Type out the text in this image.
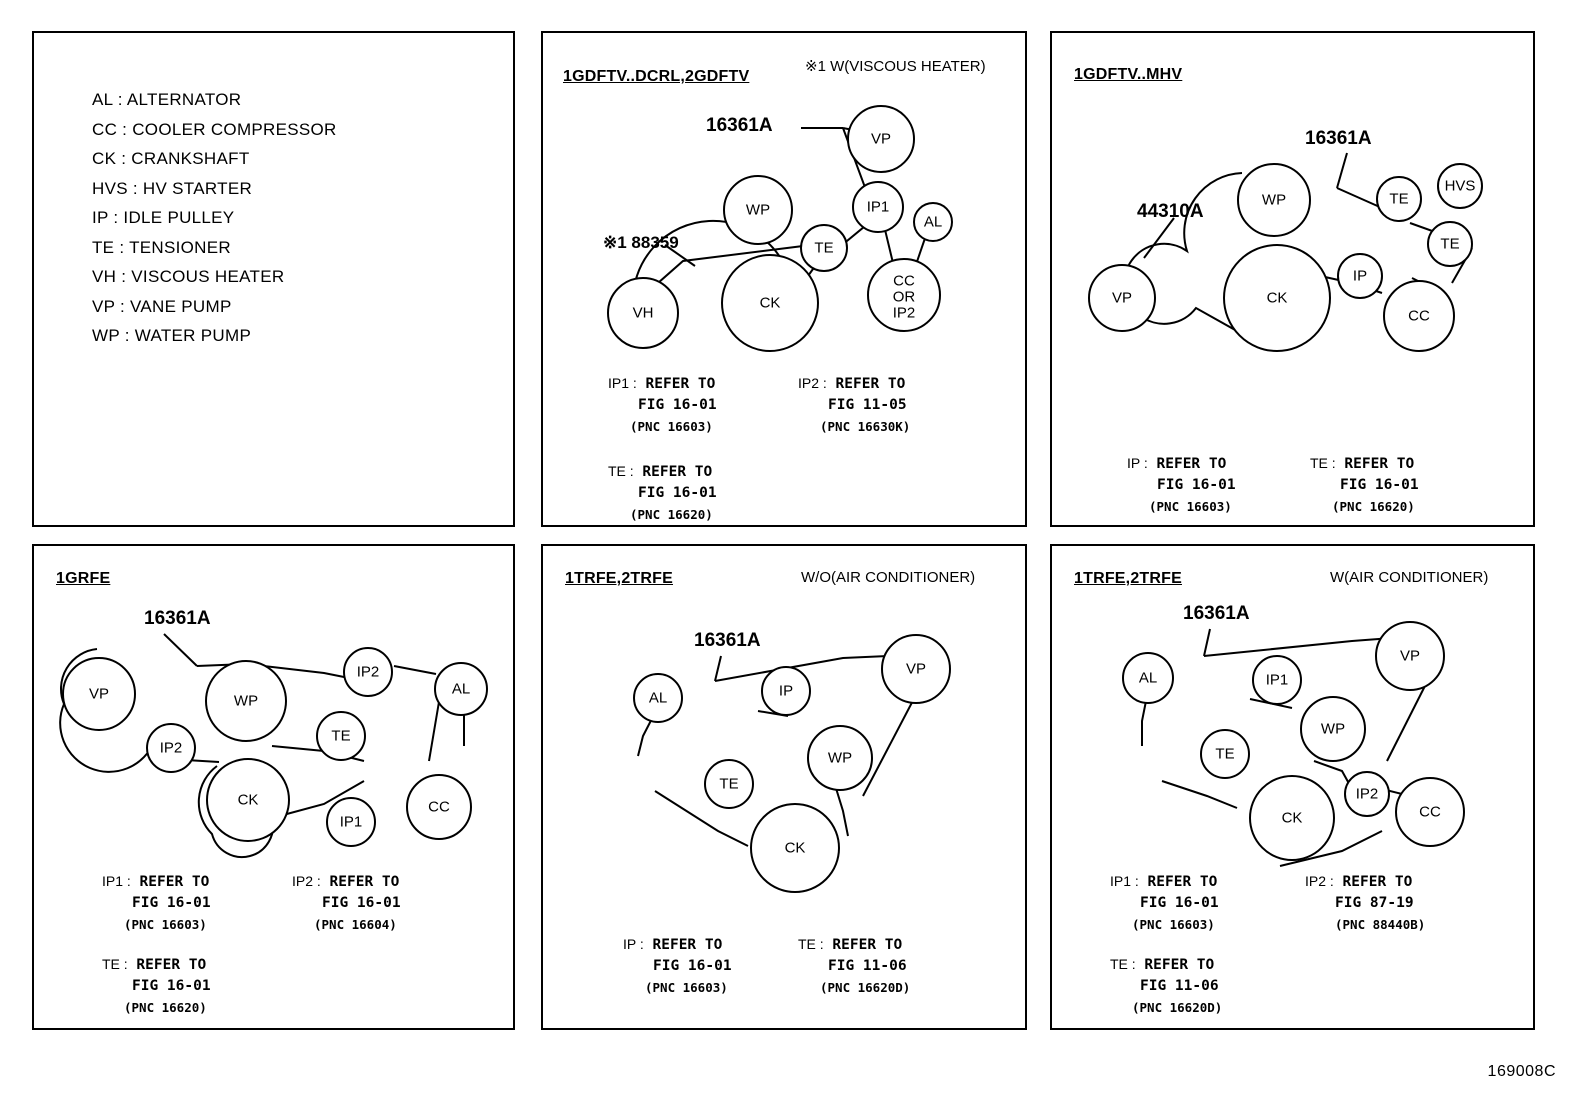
AL : ALTERNATOR
CC : COOLER COMPRESSOR
CK : CRANKSHAFT
HVS : HV STARTER
IP : IDLE PULLEY
TE : TENSIONER
VH : VISCOUS HEATER
VP : VANE PUMP
WP : WATER PUMP
1GDFTV..DCRL,2GDFTV
※1 W(VISCOUS HEATER)
16361A
※1 88359
VP
WP	IP1
AL
TE
VH
CK
CC
OR
IP2
IP1 : REFER TO
FIG 16-01
(PNC 16603)
IP2 : REFER TO
FIG 11-05
(PNC 16630K)
TE : REFER TO
FIG 16-01
(PNC 16620)
1GDFTV..MHV
16361A
44310A
WP	TE
HVS
TE
VP	CK
IP
CC
IP : REFER TO
FIG 16-01
(PNC 16603)
TE : REFER TO
FIG 16-01
(PNC 16620)
1GRFE
16361A
VP	WP
IP2
AL
IP2
TE
CK
IP1
CC
IP1 : REFER TO
FIG 16-01
(PNC 16603)
IP2 : REFER TO
FIG 16-01
(PNC 16604)
TE : REFER TO
FIG 16-01
(PNC 16620)
1TRFE,2TRFE	W/O(AIR CONDITIONER)
16361A
AL	IP
VP
TE
WP
CK
IP : REFER TO
FIG 16-01
(PNC 16603)
TE : REFER TO
FIG 11-06
(PNC 16620D)
1TRFE,2TRFE	W(AIR CONDITIONER)
16361A
AL	IP1
VP
WP
TE
CK
IP2
CC
IP1 : REFER TO
FIG 16-01
(PNC 16603)
IP2 : REFER TO
FIG 87-19
(PNC 88440B)
TE : REFER TO
FIG 11-06
(PNC 16620D)
169008C
